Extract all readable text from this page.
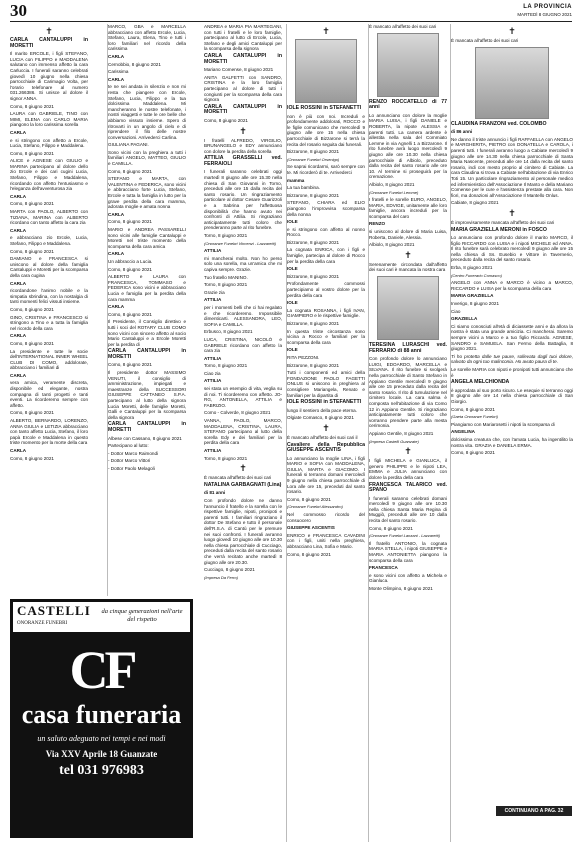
30	LA PROVINCIA
MARTEDÌ 8 GIUGNO 2021
✝

CARLA CANTALUPPI in MORETTI

Il marito ERCOLE, i figli STEFANO, LUCIA con FILIPPO e MADDALENA salutano con immenso affetto la cara Carluccia. I funerali saranno celebrati giovedì 10 giugno nella chiesa parrocchiale di Carimagio Volta, per l'orario telefonare al numero 031.266386. Si unisce al dolore il signor ANNA.

Como, 8 giugno 2021

LAURA con GABRIELE, TINO con MIMI, ELENA con CARLO MARIA piangono la loro carissima sorella

CARLA

e si stringono con affetto a Ercole, Lucia, Stefano, Filippo e Maddalena.

Como, 8 giugno 2021

ALICE e AGNESE con GIULIO e MARINA partecipano al dolore dello zio Ercole e dei cari cugini Lucia, Stefano, Filippo e Maddalena, ricordando con affetto l'entusiasmo e l'eleganza dell'avventurosa zia

CARLA

Como, 8 giugno 2021

MARTA con PAOLO, ALBERTO con TIZIANA, MARINA con ALBERTO ricordano con tanto affetto la cara zia

CARLA

e abbracciano zio Ercole, Lucia, Stefano, Filippo e Maddalena.

Como, 8 giugno 2021

DAMIANO e FRANCESCA si uniscono al dolore della famiglia Cantaluppi e Moretti per la scomparsa della cara cugina

CARLA

ricordandone l'animo nobile e la simpatia sbrindina, con la nostalgia di tanti momenti felici vissuti insieme.

Como, 8 giugno 2021

GINO, CRISTINA e FRANCESCO si stringono a Tino e a tutta la famiglia nel ricordo della cara

CARLA

Como, 8 giugno 2021

La presidente e tutte le socie dell'INTERNATIONAL INNER WHEEL CLUB DI COMO, addolorate, abbracciano i familiari di

CARLA

vera amica, veramente discreta, disponibile ed elegante, nostra compagna di tanti progetti e tanti eventi. La ricorderemo sempre con affetto.

Como, 8 giugno 2021

ALBERTO, BERNARDO, LORENZO, ANNA GIULIA e LETIZIA abbracciano con tanto affetto Lucia, Stefano, il loro papà Ercole e Maddalena in questo triste momento per la morte della cara

CARLA

Como, 8 giugno 2021

MARCO, GBA e MARCELLA abbracciano con affetto Ercole, Lucia, Stefano, Laura, Elena, Tino e tutti i loro familiari nel ricordo della carissima

CARLA

Cernobbio, 8 giugno 2021

Carissima

CARLA

te ne sei andata in silenzio e non mi resta che piangere con Ercole, Stefano, Lucia, Filippo e la tua dolcissima Maddalena. Mi mancheranno le nostre telefonate, i nostri viaggetti e tutte le ore belle che abbiamo vissuto insieme. Spero di ritrovarti in un angolo di cielo e di riprendere il filo delle nostre conversazioni. Arrivederci Carlina.

GIULIANA PAGANI.

Sono vicini con la preghiera a tutti i familiari ANGELO, MATTEO, GIULIO e CAMILLA.

Como, 8 giugno 2021

STEFANO e MARTA, con VALENTINA e FEDERICA, sono vicini e abbracciano forte Lucia, Stefano, Ercole e tutta la famiglia in lutto per la grave perdita della cara mamma, adorata moglie e amata nonna

CARLA

Como, 8 giugno 2021

MARIO e ANDREA PASSARELLI sono vicini alle famiglie Cantaluppi e Moretti nel triste momento della scomparsa della cara amica

CARLA

Un abbraccio a Lucia.

Como, 8 giugno 2021

ALBERTO e LAURA con FRANCESCA, TOMMASO e FEDERICA sono vicini e abbracciano Lucia e famiglia per la perdita della cara mamma

CARLA

Como, 8 giugno 2021

Il Presidente, il Consiglio direttivo e tutti i soci del ROTARY CLUB COMO sono vicini con sincero affetto al socio Mario Cantaluppi e a Ercole Moretti per la perdita di

CARLA CANTALUPPI in MORETTI

Como, 8 giugno 2021

Il presidente dottor MASSIMO VENUTI, il consiglio di amministrazione, impiegati e maestranze della SUCCESSORI GIUSEPPE CATTANEO S.P.A. partecipano al lutto della signora Lucia Moretti, delle famiglie Moretti, Galli e Cantaluppi per la scomparsa della signora

CARLA CANTALUPPI in MORETTI

Albese con Cassano, 8 giugno 2021

Partecipano al lutto:

- Dottor Marco Raimondi

- Dottor Marco Vittori

- Dottor Paolo Melagoli

CASTELLI
ONORANZE FUNEBRI
da cinque generazioni nell'arte del rispetto
CF
casa funeraria
un saluto adeguato nei tempi e nei modi
Via XXV Aprile 18 Guanzate
tel 031 976983

ANDREA e MARIA PIA MARTEGANI, con tutti i fratelli e le loro famiglie, partecipano al lutto di Ercole, Lucia, Stefano e degli amici Cantaluppi per la scomparsa della signora

CARLA CANTALUPPI in MORETTI

Mariano Comense, 8 giugno 2021

ANITA GALFETTI con SANDRO, CRISTINA e la loro famiglia partecipano al dolore di tutti i congiunti per la scomparsa della cara signora

CARLA CANTALUPPI in MORETTI

Como, 8 giugno 2021

✝

I fratelli ALFREDO, VIRGILIO, BRUNANGELO e EDY annunciano con dolore la perdita della sorella

ATTILIA GRASSELLI ved. FERRAIOLI

I funerali saranno celebrati oggi martedì 8 giugno alle ore 15.30 nella chiesa di San Giovanni in Torno, preceduti alle ore 15 dalla recita del santo rosario. Un ringraziamento particolare al dottor Cesare Guarizzoli e a Sabrina per l'affettuosa disponibilità che hanno avuto nei confronti di Attilia. Si ringraziano anticipatamente tutti coloro che prenderanno parte al rito funebre.

Torno, 8 giugno 2021

(Onoranze Funebri Vincenzi - Lazzaretti)

ATTILIA

mi mancherai molto. Non ho perso solo una sorella, ma un'amica che mi capiva sempre. Grazie.

Tuo fratello MANINO.

Torno, 8 giugno 2021

Grazie zia

ATTILIA

per i momenti belli che ci hai regalato e che ricorderemo. Impossibile dimenticarti. ALESSANDRA, LEO, SOFIA e CAMILLA.

Erbusco, 8 giugno 2021

LUCA, CRISTINA, NICOLÒ e GABRIELE ricordano con affetto la cara zia

ATTILIA

Torno, 8 giugno 2021

Ciao zia

ATTILIA

sei stata un esempio di vita, veglia su di noi. Ti ricorderemo con affetto. JO-RG, ANTONELLA, ATTILIA e FABRIZIO.

Como - Colverde, 8 giugno 2021

VANNA, PAOLO, MARCO, MADDALENA, CRISTINA, LAURA, STEFANO partecipano al lutto della sorella Edy e dei familiari per la perdita della cara

ATTILIA

Torno, 8 giugno 2021

✝

È mancata all'affetto dei suoi cari

NATALINA GARBAGNATI (Lina)

di 81 anni

Con profondo dolore ne danno l'annuncio il fratello e la sorella con le rispettive famiglie, nipoti, pronipoti e parenti tutti. I familiari ringraziano il dottor De Stefano e tutto il personale dell'R.S.A. di Cantù per le premure nei suoi confronti. I funerali avranno luogo giovedì 10 giugno alle ore 10.30 nella chiesa parrocchiale di Cucciago, preceduti dalla recita del santo rosario che verrà recitato anche martedì 8 giugno alle ore 20.30.

Cucciago, 8 giugno 2021

(Impresa Da Ferro)

✝

IOLE ROSSINI in STEFANETTI

non è più con noi. Increduli e profondamente addolorati, ROCCO e le figlie comunicano che mercoledì 9 giugno alle ore 15 nella chiesa parrocchiale di Bizzarone si terrà la recita del rosario seguita dai funerali.

Bizzarone, 8 giugno 2021

(Onoranze Funebri Orsenigo)

Se saprai ricordarmi, sarò sempre con te. Mi ricorderò di te. Arrivederci

mamma

La tua bambina.

Bizzarone, 8 giugno 2021

STEFANO, CHIARA ed ELIO piangono l'improvvisa scomparsa della nonna

IOLE

e si stringono con affetto al nonno Rocco.

Bizzarone, 8 giugno 2021

La cognata ENRICA, con i figli e famiglie, partecipa al dolore di Rocco per la perdita della cara

IOLE

Bizzarone, 8 giugno 2021

Profondamente commossi partecipiamo al vostro dolore per la perdita della cara

IOLE

La cognata ROSANNA, i figli IVAN, GIAMPIERO e le rispettive famiglie.

Bizzarone, 8 giugno 2021

In questa triste circostanza sono vicina a Rocco e familiari per la scomparsa della cara

IOLE

RITA PEZZONI.

Bizzarone, 8 giugno 2021

Tutti i componenti ed amici della FONDAZIONE PAOLO FAGETTI ONLUS si uniscono in preghiera al consigliere Mariangela, Renato e familiari per la dipartita di

IOLE ROSSINI in STEFANETTI

lungo il sentiero della pace eterna.

Olgiate Comasco, 8 giugno 2021

✝

È mancato all'affetto dei suoi cari il

Cavaliere della Repubblica GIUSEPPE ASCENTIS

Lo annunciano la moglie LINA, i figli MARIO e SOFIA con MADDALENA, GIULIA, MARTA e GIACOMO. I funerali si terranno domani mercoledì 9 giugno nella chiesa parrocchiale di Lora alle ore 15, preceduti dal santo rosario.

Como, 8 giugno 2021

(Onoranze Funebri Alessandro)

Nel commosso ricordo del consuocero

GIUSEPPE ASCENTIS

ENRICO e FRANCESCA CAVADINI con i figli, uniti nella preghiera, abbracciano Lina, Sofia e Mario.

Como, 8 giugno 2021

È mancato all'affetto dei suoi cari

RENZO ROCCATELLO di 77 anni

Lo annunciano con dolore la moglie MARIA LUISA, i figli DANIELE e ROBERTA, la nipote ALESSIA e parenti tutti. La camera ardente è allestita nella sala del Commiato Lemme in via Agnelli 1 a Bizzarone. Il rito funebre avrà luogo mercoledì 9 giugno alle ore 10.30 nella chiesa parrocchiale di Albiolo, preceduto dalla recita del santo rosario alle ore 10. Al termine si proseguirà per la cremazione.

Albiolo, 8 giugno 2021

(Onoranze Funebri Lemme)

I fratelli e le sorelle EURO, ANGELO, MARIA, EDVIGE, unitamente alle loro famiglie, ancora increduli per la scomparsa del caro

RENZO

si uniscono al dolore di Maria Luisa, Roberta, Daniele, Alessia.

Albiolo, 8 giugno 2021

✝

Serenamente circondata dall'affetto dei suoi cari è mancata la nostra cara

TERESINA LURASCHI ved. FERRARIO di 88 anni

Con profondo dolore lo annunciano LUIGI, EDOARDO, MARCELLA e SILVANA. Il rito funebre si svolgerà nella parrocchiale di Santo Stefano in Appiano Gentile mercoledì 9 giugno alle ore 15 preceduto dalla recita del santo rosario. Il rito di tumulazione nel cimitero locale. La cara salma è composta nell'abitazione di via Como 12 in Appiano Gentile. Si ringraziano anticipatamente tutti coloro che vorranno prendere parte alla mesta cerimonia.

Appiano Gentile, 8 giugno 2021

(Impresa Castelli Guanzate)

✝

I figli MICHELA e GIANLUCA, il genero PHILIPPE e le nipoti LEA, EMMA e JULIA annunciano con dolore la perdita della cara

FRANCESCA TALARICO ved. SPANO

I funerali saranno celebrati domani mercoledì 9 giugno alle ore 10.30 nella chiesa Santa Maria Regina di Muggiò, preceduti alle ore 10 dalla recita del santo rosario.

Como, 8 giugno 2021

(Onoranze Funebri Lanzani - Lazzaretti)

Il fratello ANTONIO, la cognata MARIA STELLA, i nipoti GIUSEPPE e MARIA ANTONIETTA piangono la scomparsa della cara

FRANCESCA

e sono vicini con affetto a Michela e Gianluca.

Monte Olimpino, 8 giugno 2021

✝

È mancata all'affetto dei suoi cari

CLAUDINA FRANZONI ved. COLOMBO

di 86 anni

Ne danno il triste annuncio i figli RAFFAELLA con ANGELO e MARGHERITA, PIETRO con DONATELLA e CAROLA, i parenti tutti. I funerali avranno luogo a Cabiate mercoledì 9 giugno alle ore 14.30 nella chiesa parrocchiale di Santa Maria Nascente, preceduti alle ore 14 dalla recita del santo rosario, indi con mesto proprio al cimitero di Cabiate. La cara Claudina si trova a Cabiate nell'abitazione di via Enrico Toti 15. Un particolare ringraziamento al personale medico ed infermieristico dell'Associazione Il Manto e della Mariano Comense per le cure e l'assistenza prestate alla cara. Non fiori, ma donazioni all'Associazione Il Mantello Onlus.

Cabiate, 8 giugno 2021

✝

È improvvisamente mancata all'affetto dei suoi cari

MARIA GRAZIELLA MERONI in FOSCO

Lo annunciano con profondo dolore il marito MARCO, il figlio RICCARDO con LUISA e i nipoti MICHELE ed ANNA. Il rito funebre sarà celebrato mercoledì 9 giugno alle ore 15 nella chiesa di Ss. Eusebio e Vittore in Tavernerio, preceduto dalla recita del santo rosario.

Erba, 8 giugno 2021

(Centro Funerario Comasco)

ANGELO con ANNA e MARCO è vicino a MARCO, RICCARDO e LUISA per la scomparsa della cara

MARIA GRAZIELLA

Inverigo, 8 giugno 2021

Ciao

GRAZIELLA

Ci siamo conosciuti all'età di diciassette anni e da allora la nostra è stata una grande amicizia. Ci mancherai. Saremo sempre vicini a Marco e a tuo figlio Riccardo. AGNESE, SANDRO e SAMUELA. San Fermo della Battaglia, 8 giugno 2021.

Ti ho protetta dalle tue paure, sollevata dagli tuoi dolore, salvato da ogni tuo malinconia. Ho avuto paura di te.

Le sorelle MARIA con nipoti e pronipoti tutti annunciano che è

ANGELA MELCHIONDA

è approdata al suo porto sicuro. Le esequie si terranno oggi 8 giugno alle ore 14 nella chiesa parrocchiale di San Giorgio.

Como, 8 giugno 2021

(Gaeta Onoranze Funebri)

Piangiamo con Mariarosetti i nipoti la scomparsa di

ANGELINA

dolcissima creatura che, con l'amata Lucia, ha ingentilito la nostra vita. GRAZIA e DANIELA ERMA.

Como, 8 giugno 2021

CONTINUANO A PAG. 32
